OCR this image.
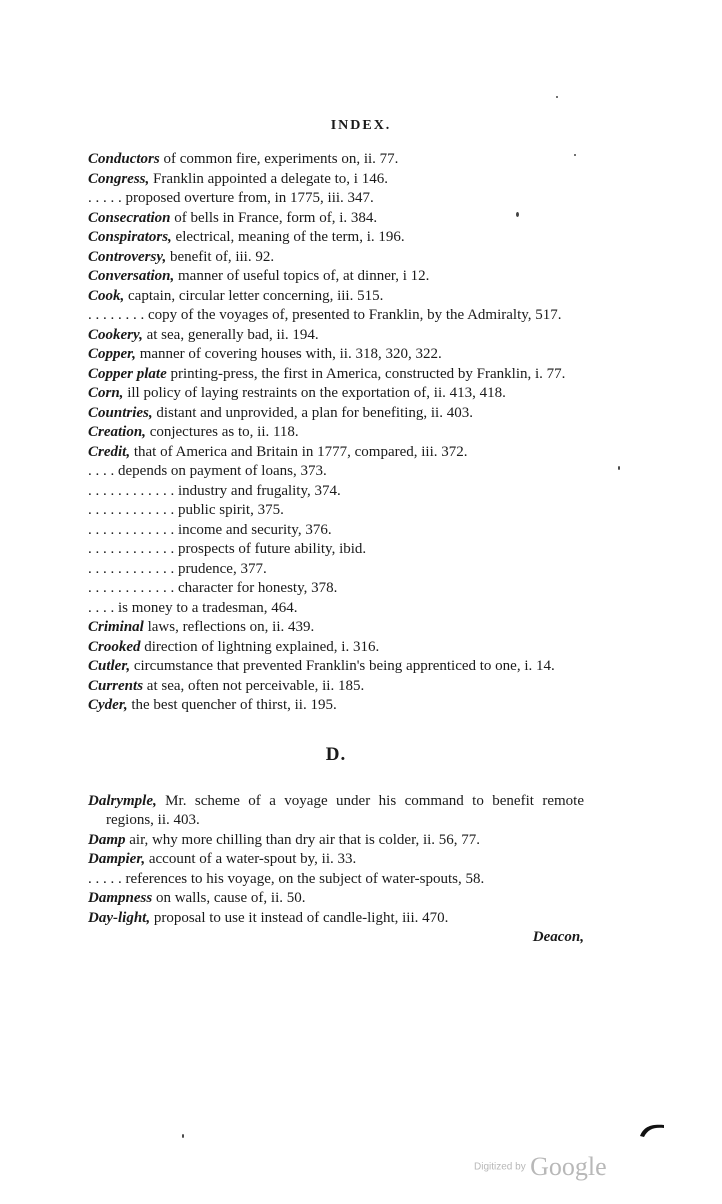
INDEX.

Conductors of common fire, experiments on, ii. 77.

Congress, Franklin appointed a delegate to, i 146.

. . . . . proposed overture from, in 1775, iii. 347.

Consecration of bells in France, form of, i. 384.

Conspirators, electrical, meaning of the term, i. 196.

Controversy, benefit of, iii. 92.

Conversation, manner of useful topics of, at dinner, i 12.

Cook, captain, circular letter concerning, iii. 515.

. . . . . . . . copy of the voyages of, presented to Franklin, by the Admiralty, 517.

Cookery, at sea, generally bad, ii. 194.

Copper, manner of covering houses with, ii. 318, 320, 322.

Copper plate printing-press, the first in America, constructed by Franklin, i. 77.

Corn, ill policy of laying restraints on the exportation of, ii. 413, 418.

Countries, distant and unprovided, a plan for benefiting, ii. 403.

Creation, conjectures as to, ii. 118.

Credit, that of America and Britain in 1777, compared, iii. 372.

. . . . depends on payment of loans, 373.

. . . . . . . . . . . . industry and frugality, 374.

. . . . . . . . . . . . public spirit, 375.

. . . . . . . . . . . . income and security, 376.

. . . . . . . . . . . . prospects of future ability, ibid.

. . . . . . . . . . . . prudence, 377.

. . . . . . . . . . . . character for honesty, 378.

. . . . is money to a tradesman, 464.

Criminal laws, reflections on, ii. 439.

Crooked direction of lightning explained, i. 316.

Cutler, circumstance that prevented Franklin's being apprenticed to one, i. 14.

Currents at sea, often not perceivable, ii. 185.

Cyder, the best quencher of thirst, ii. 195.

D.

Dalrymple, Mr. scheme of a voyage under his command to benefit remote regions, ii. 403.

Damp air, why more chilling than dry air that is colder, ii. 56, 77.

Dampier, account of a water-spout by, ii. 33.

. . . . . references to his voyage, on the subject of water-spouts, 58.

Dampness on walls, cause of, ii. 50.

Day-light, proposal to use it instead of candle-light, iii. 470.

Deacon,

Digitized by Google
